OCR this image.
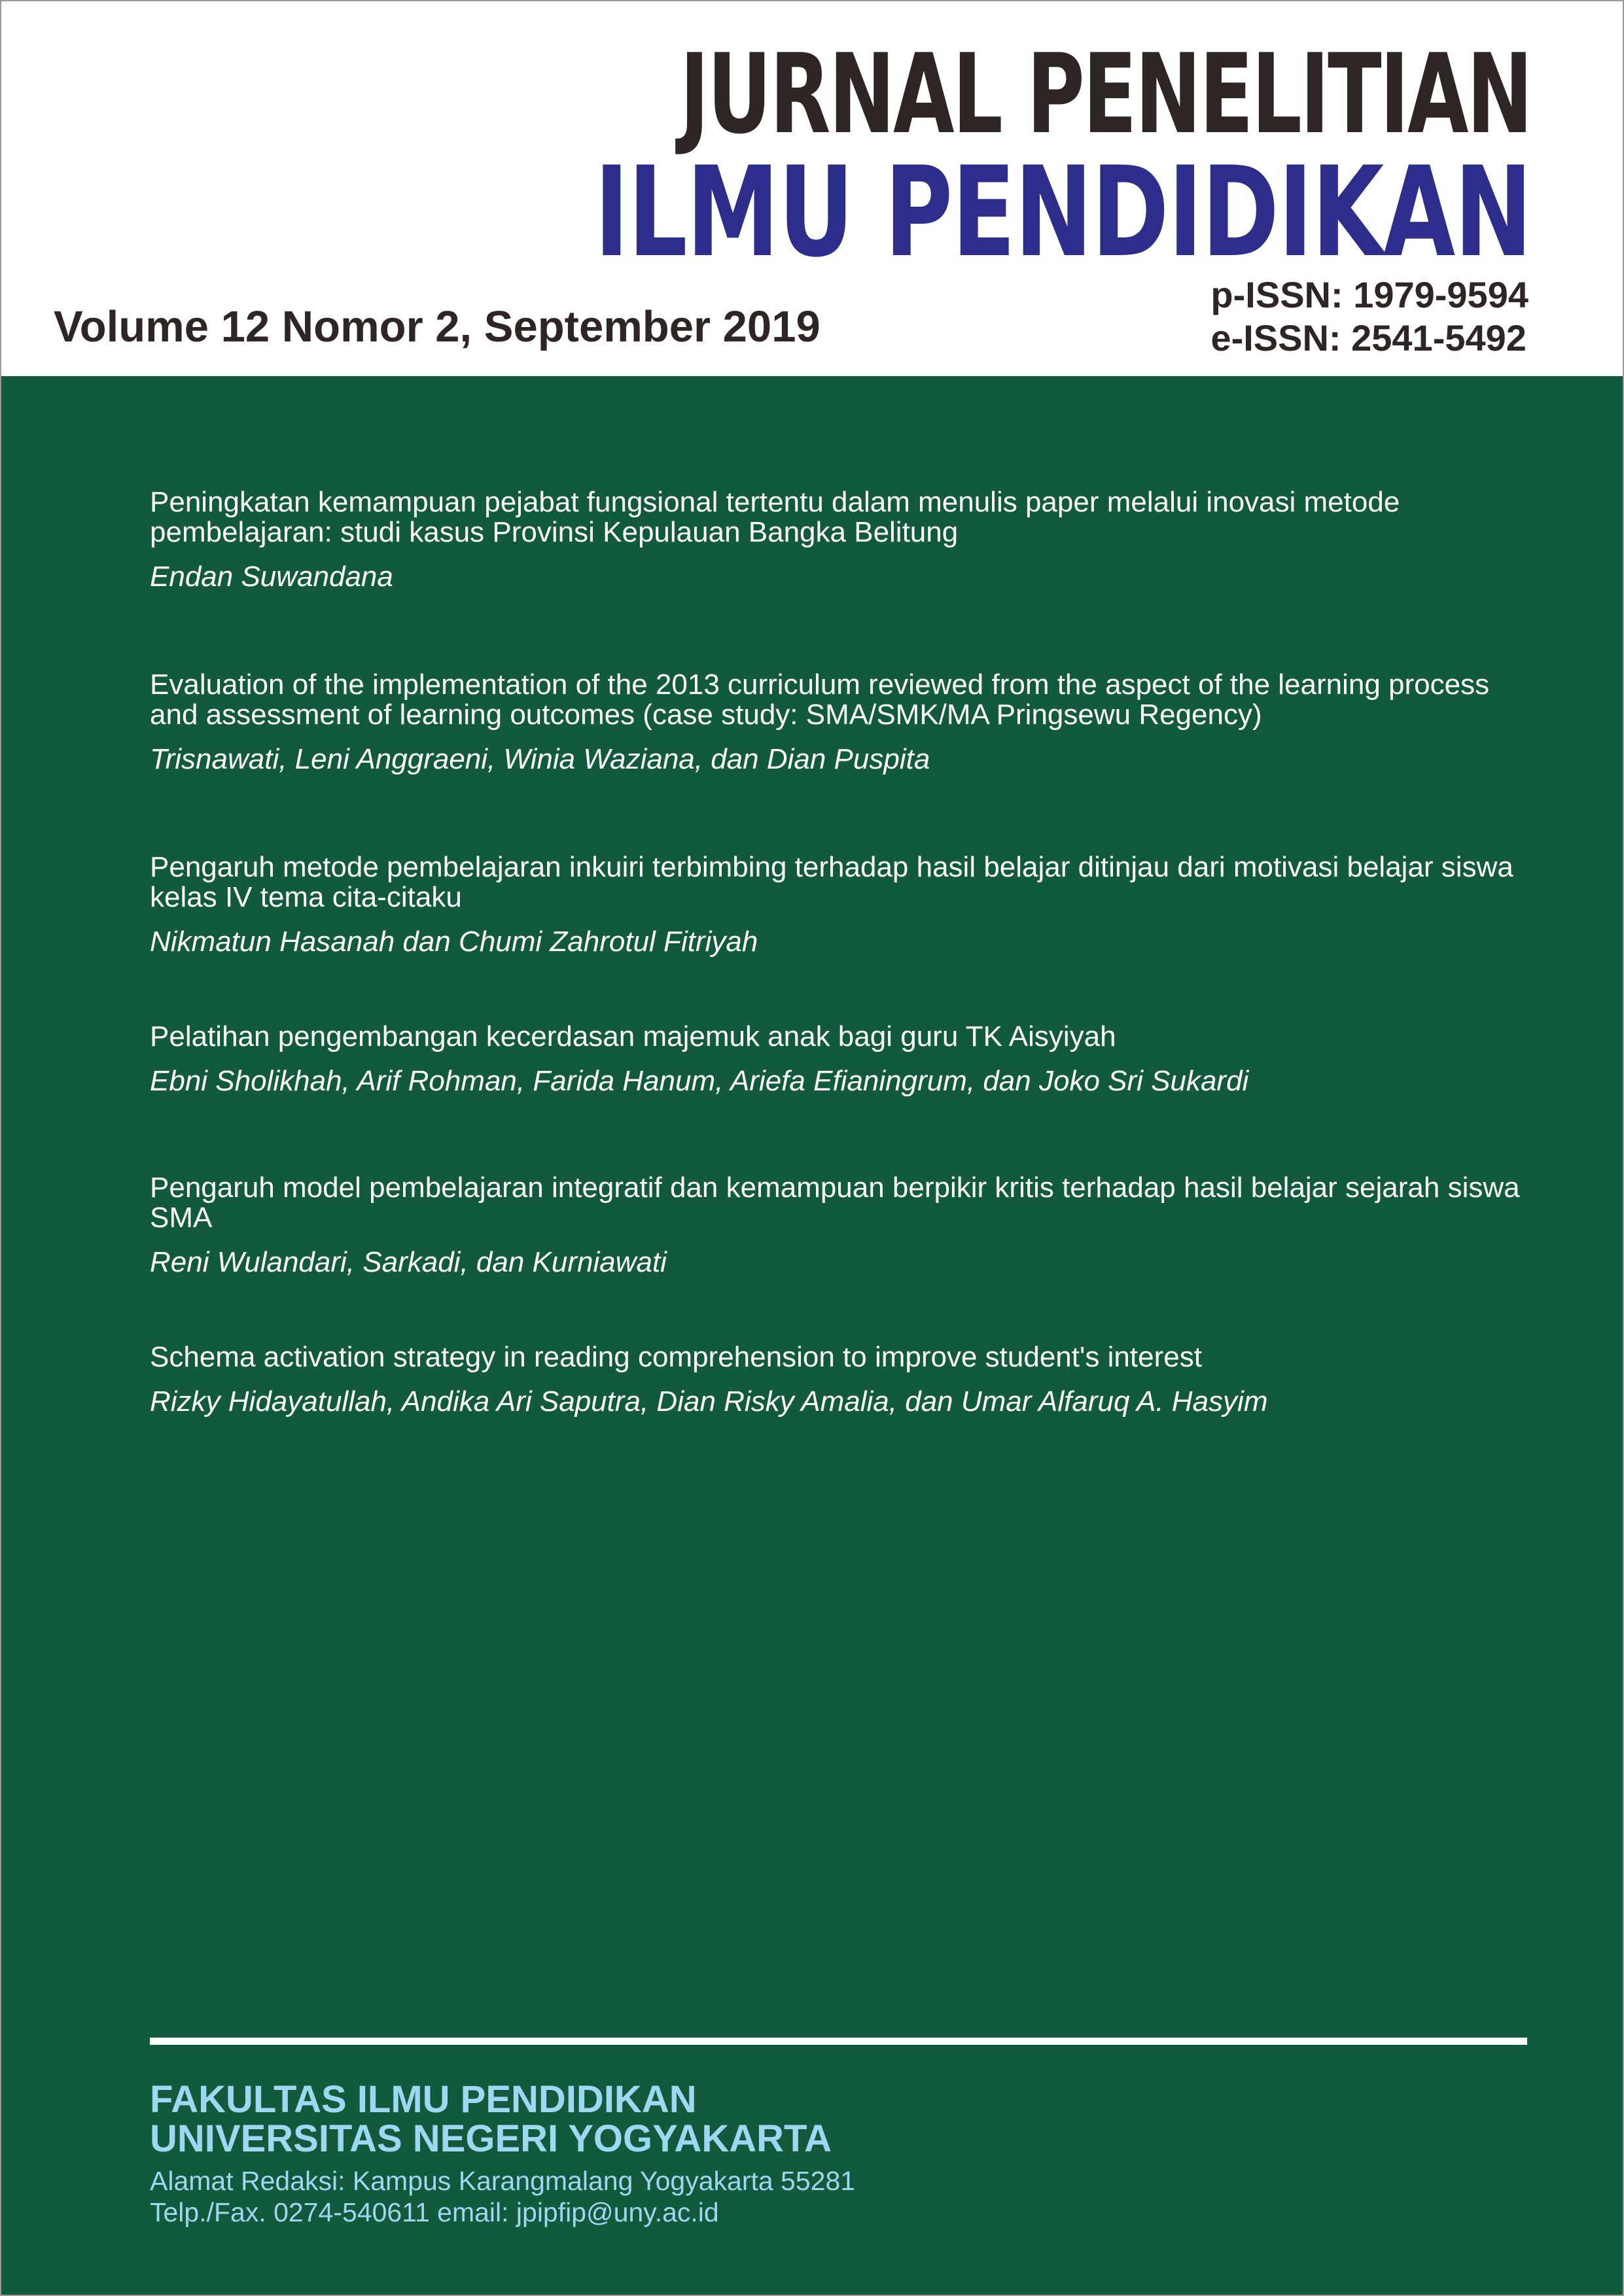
JURNAL PENELITIAN
ILMU PENDIDIKAN
Volume 12 Nomor 2, September 2019
p-ISSN: 1979-9594
e-ISSN: 2541-5492

Peningkatan kemampuan pejabat fungsional tertentu dalam menulis paper melalui inovasi metode pembelajaran: studi kasus Provinsi Kepulauan Bangka Belitung

Endan Suwandana

Evaluation of the implementation of the 2013 curriculum reviewed from the aspect of the learning process and assessment of learning outcomes (case study: SMA/SMK/MA Pringsewu Regency)

Trisnawati, Leni Anggraeni, Winia Waziana, dan Dian Puspita

Pengaruh metode pembelajaran inkuiri terbimbing terhadap hasil belajar ditinjau dari motivasi belajar siswa kelas IV tema cita-citaku

Nikmatun Hasanah dan Chumi Zahrotul Fitriyah

Pelatihan pengembangan kecerdasan majemuk anak bagi guru TK Aisyiyah

Ebni Sholikhah, Arif Rohman, Farida Hanum, Ariefa Efianingrum, dan Joko Sri Sukardi

Pengaruh model pembelajaran integratif dan kemampuan berpikir kritis terhadap hasil belajar sejarah siswa SMA

Reni Wulandari, Sarkadi, dan Kurniawati

Schema activation strategy in reading comprehension to improve student's interest

Rizky Hidayatullah, Andika Ari Saputra, Dian Risky Amalia, dan Umar Alfaruq A. Hasyim
FAKULTAS ILMU PENDIDIKAN
UNIVERSITAS NEGERI YOGYAKARTA
Alamat Redaksi: Kampus Karangmalang Yogyakarta 55281
Telp./Fax. 0274-540611 email: jpipfip@uny.ac.id
